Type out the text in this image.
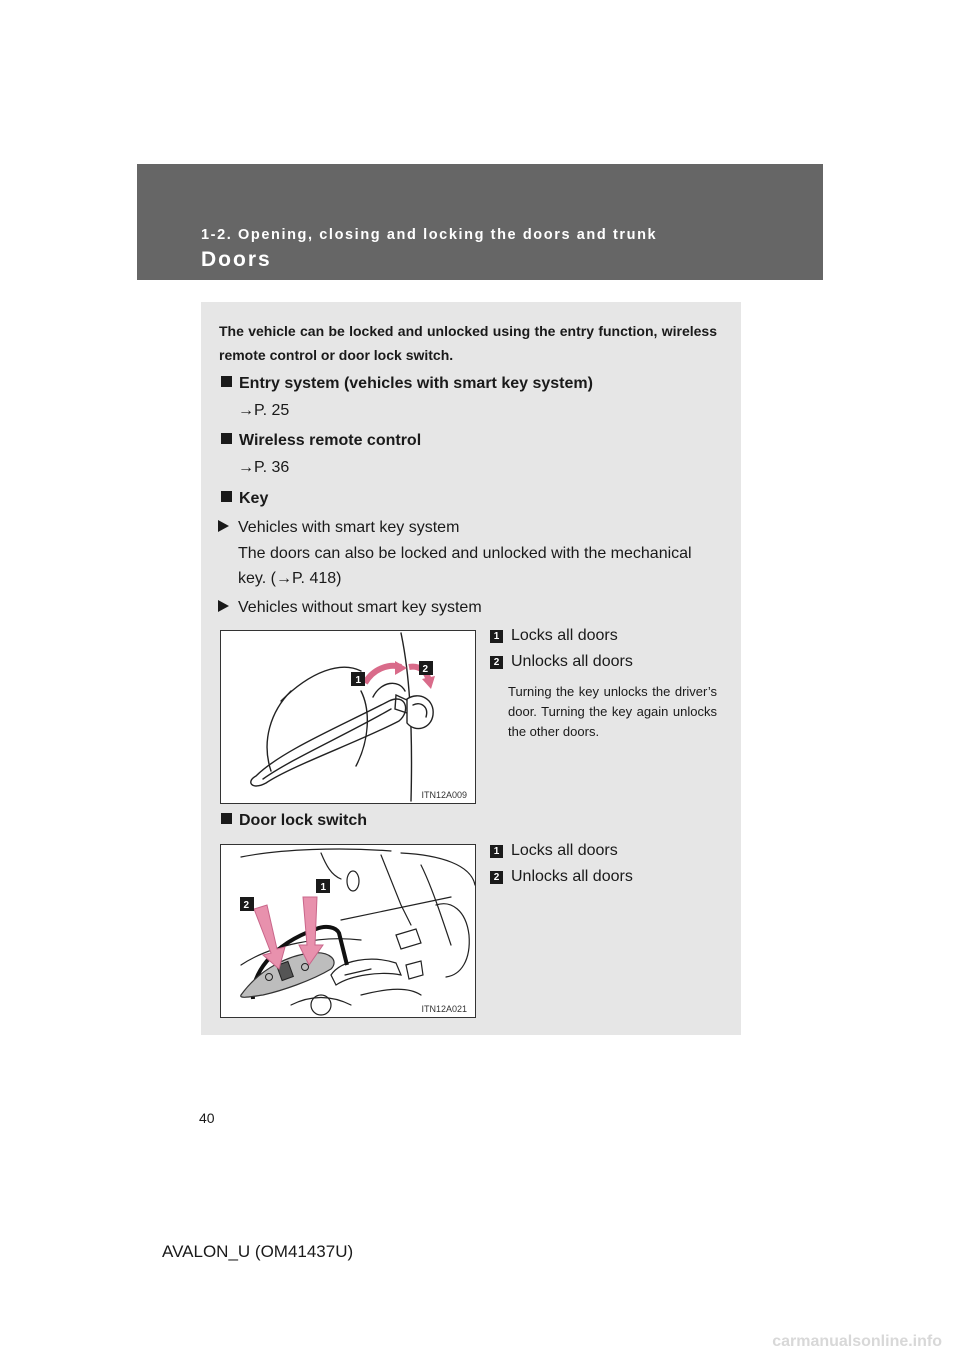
1-2. Opening, closing and locking the doors and trunk
Doors
The vehicle can be locked and unlocked using the entry function, wireless remote control or door lock switch.
Entry system (vehicles with smart key system)
→P. 25
Wireless remote control
→P. 36
Key
Vehicles with smart key system
The doors can also be locked and unlocked with the mechanical
key. (→P. 418)
Vehicles without smart key system
1
2
ITN12A009
1 Locks all doors
2 Unlocks all doors
Turning the key unlocks the driver’s door. Turning the key again unlocks the other doors.
Door lock switch
2
1
ITN12A021
1 Locks all doors
2 Unlocks all doors
40
AVALON_U (OM41437U)
carmanualsonline.info
